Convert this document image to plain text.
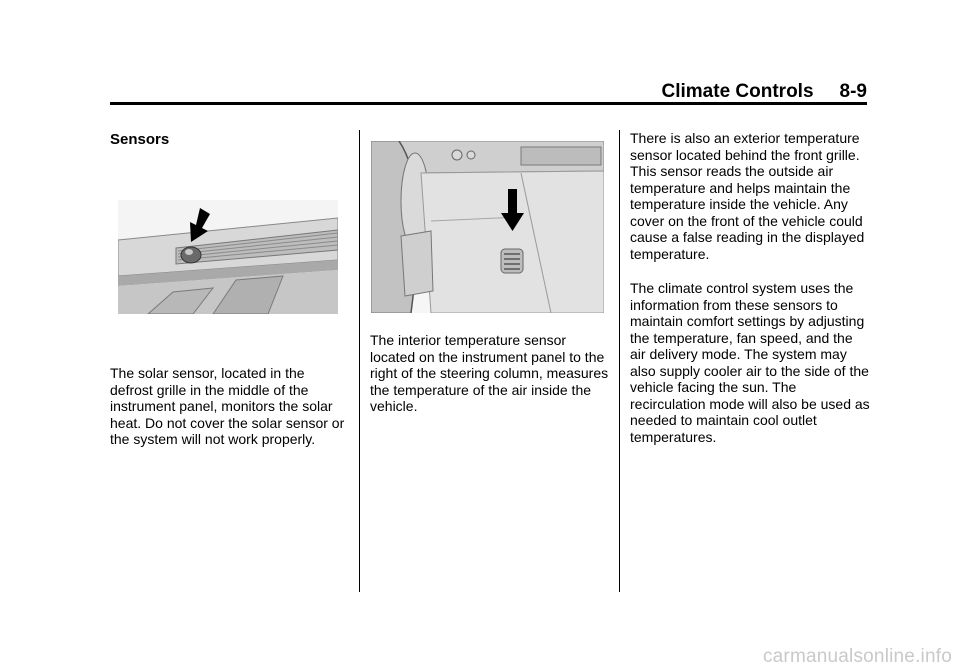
Climate Controls 8-9
Sensors

The solar sensor, located in the defrost grille in the middle of the instrument panel, monitors the solar heat. Do not cover the solar sensor or the system will not work properly.

The interior temperature sensor located on the instrument panel to the right of the steering column, measures the temperature of the air inside the vehicle.

There is also an exterior temperature sensor located behind the front grille. This sensor reads the outside air temperature and helps maintain the temperature inside the vehicle. Any cover on the front of the vehicle could cause a false reading in the displayed temperature.

The climate control system uses the information from these sensors to maintain comfort settings by adjusting the temperature, fan speed, and the air delivery mode. The system may also supply cooler air to the side of the vehicle facing the sun. The recirculation mode will also be used as needed to maintain cool outlet temperatures.

carmanualsonline.info
